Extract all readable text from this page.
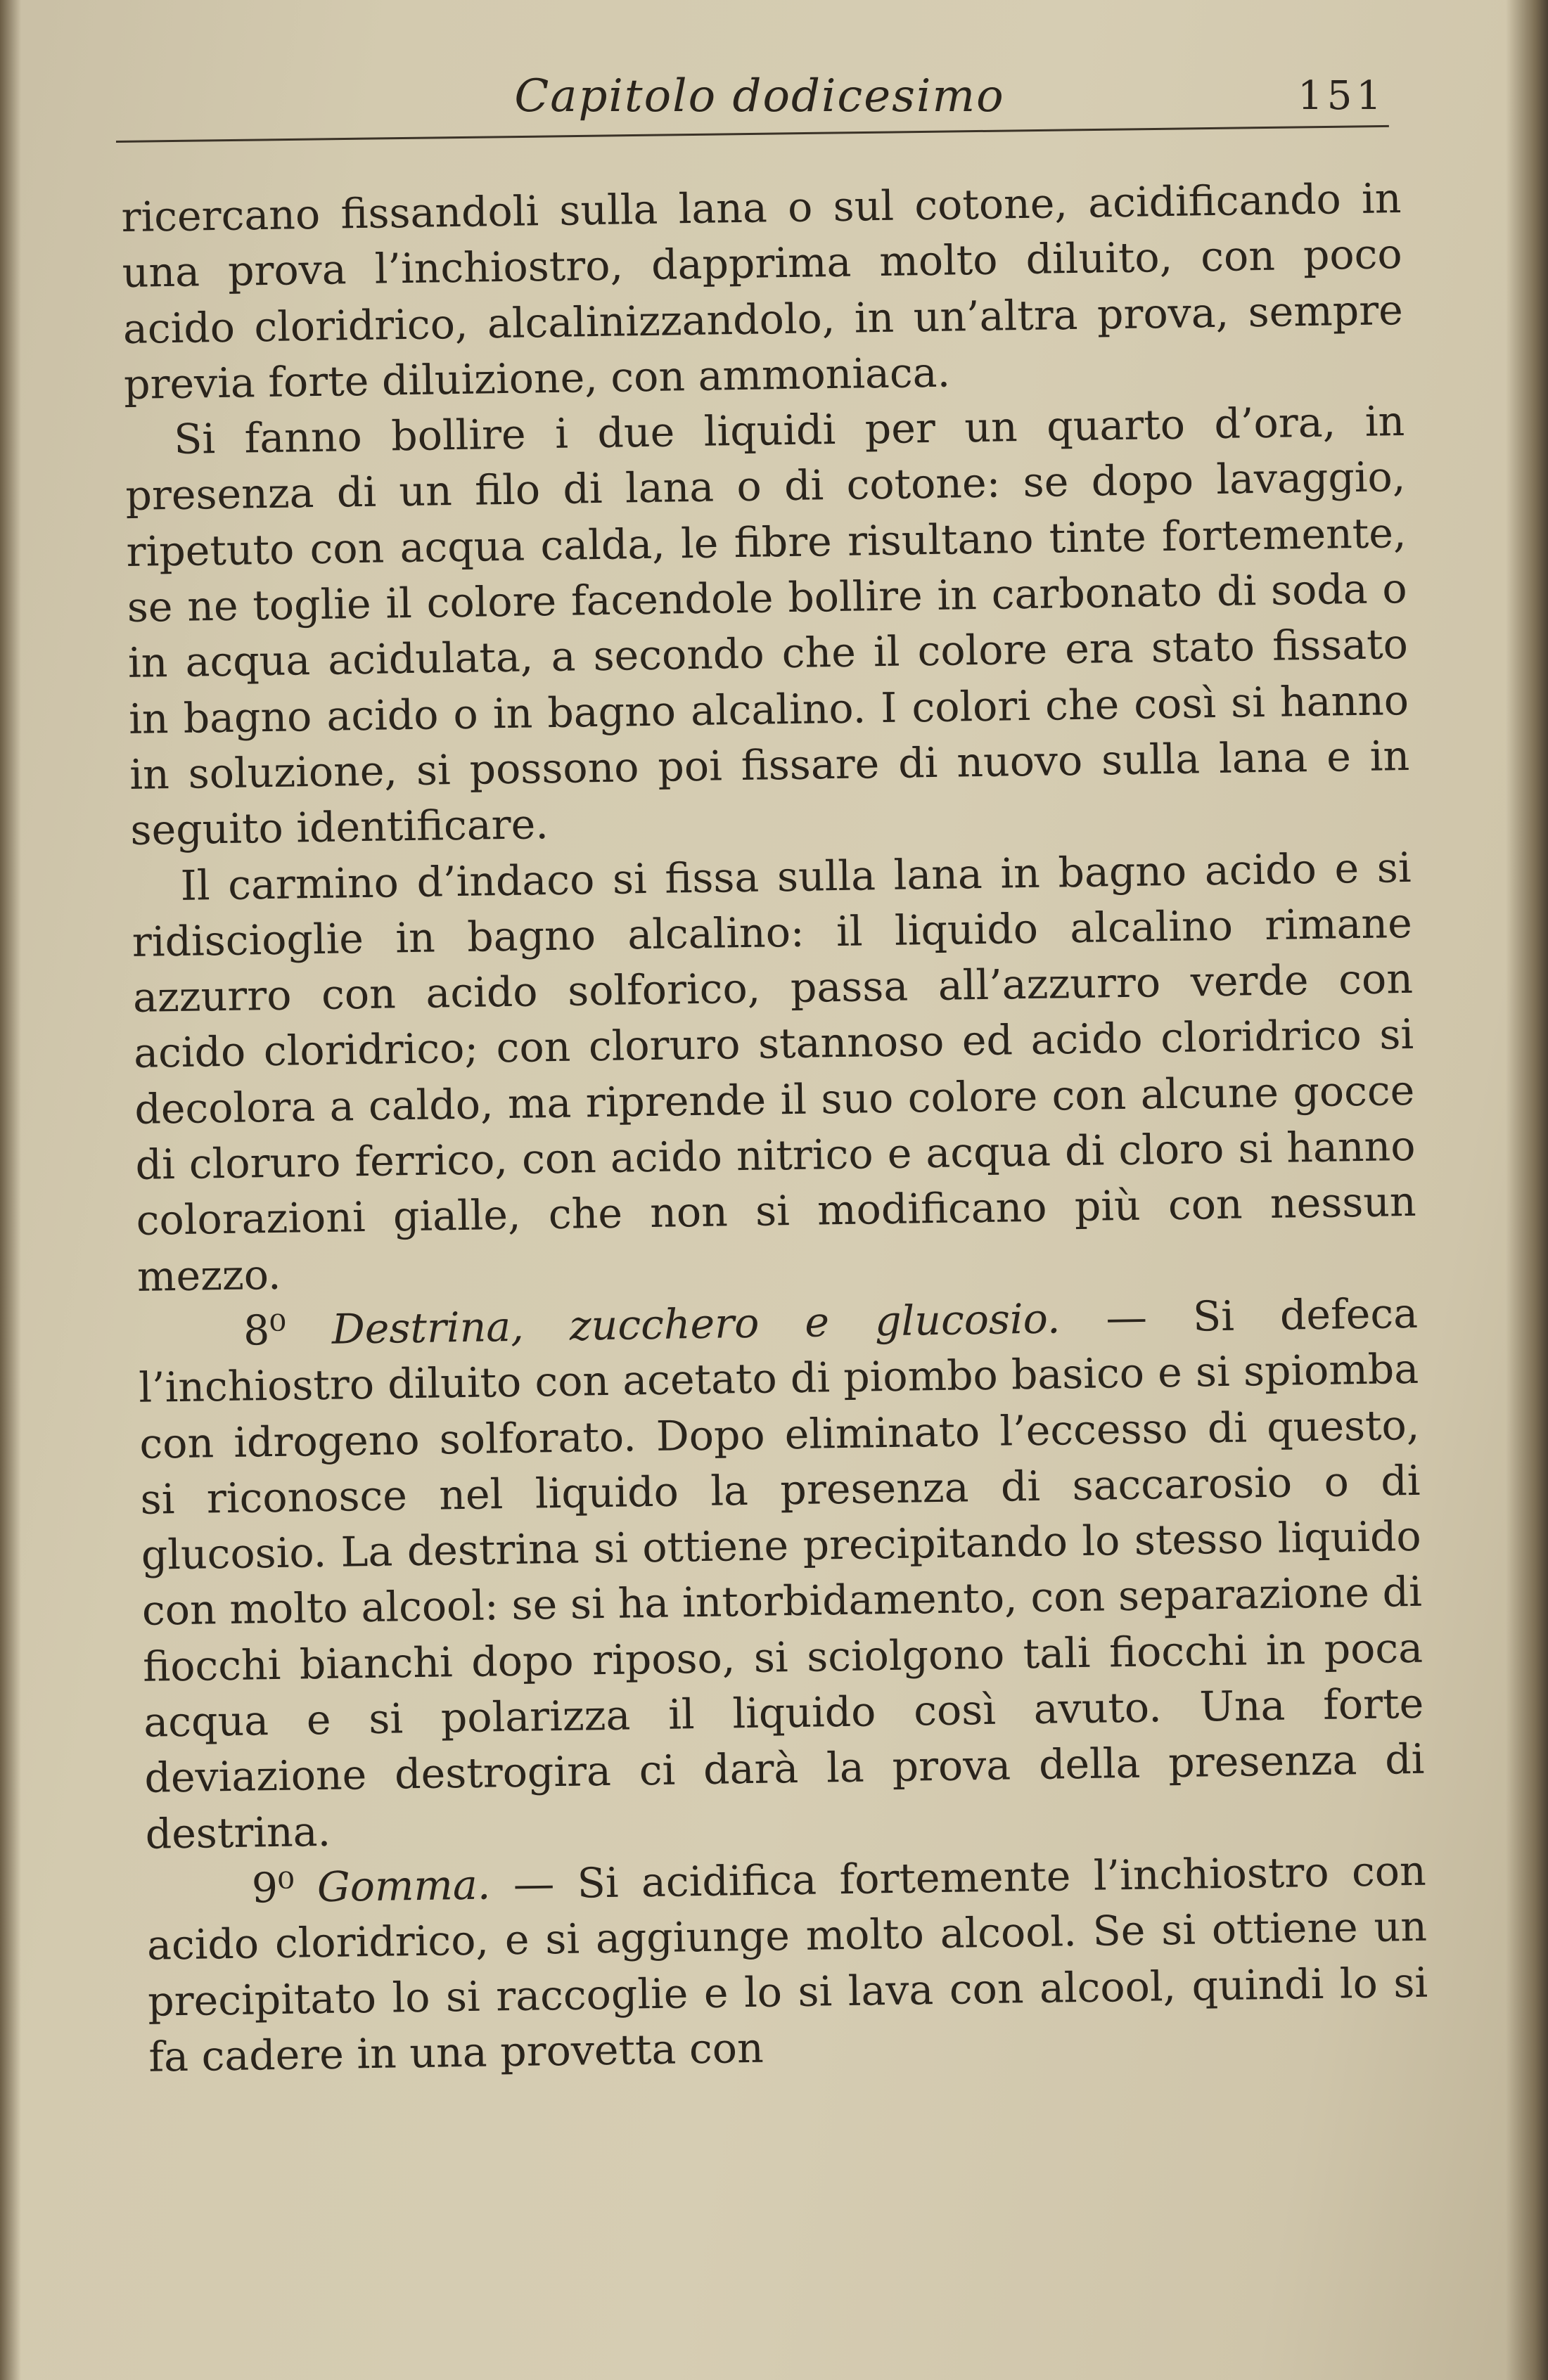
Capitolo dodicesimo	151

ricercano fissandoli sulla lana o sul cotone, acidificando in una prova l’inchiostro, dapprima molto diluito, con poco acido cloridrico, alcalinizzandolo, in un’altra prova, sempre previa forte diluizione, con ammoniaca.

Si fanno bollire i due liquidi per un quarto d’ora, in presenza di un filo di lana o di cotone: se dopo lavaggio, ripetuto con acqua calda, le fibre risultano tinte fortemente, se ne toglie il colore facendole bollire in carbonato di soda o in acqua acidulata, a secondo che il colore era stato fissato in bagno acido o in bagno alcalino. I colori che così si hanno in soluzione, si possono poi fissare di nuovo sulla lana e in seguito identificare.

Il carmino d’indaco si fissa sulla lana in bagno acido e si ridiscioglie in bagno alcalino: il liquido alcalino rimane azzurro con acido solforico, passa all’azzurro verde con acido cloridrico; con cloruro stannoso ed acido cloridrico si decolora a caldo, ma riprende il suo colore con alcune gocce di cloruro ferrico, con acido nitrico e acqua di cloro si hanno colorazioni gialle, che non si modificano più con nessun mezzo.

8⁰ Destrina, zucchero e glucosio. — Si defeca l’inchiostro diluito con acetato di piombo basico e si spiomba con idrogeno solforato. Dopo eliminato l’eccesso di questo, si riconosce nel liquido la presenza di saccarosio o di glucosio. La destrina si ottiene precipitando lo stesso liquido con molto alcool: se si ha intorbidamento, con separazione di fiocchi bianchi dopo riposo, si sciolgono tali fiocchi in poca acqua e si polarizza il liquido così avuto. Una forte deviazione destrogira ci darà la prova della presenza di destrina.

9⁰ Gomma. — Si acidifica fortemente l’inchiostro con acido cloridrico, e si aggiunge molto alcool. Se si ottiene un precipitato lo si raccoglie e lo si lava con alcool, quindi lo si fa cadere in una provetta con
